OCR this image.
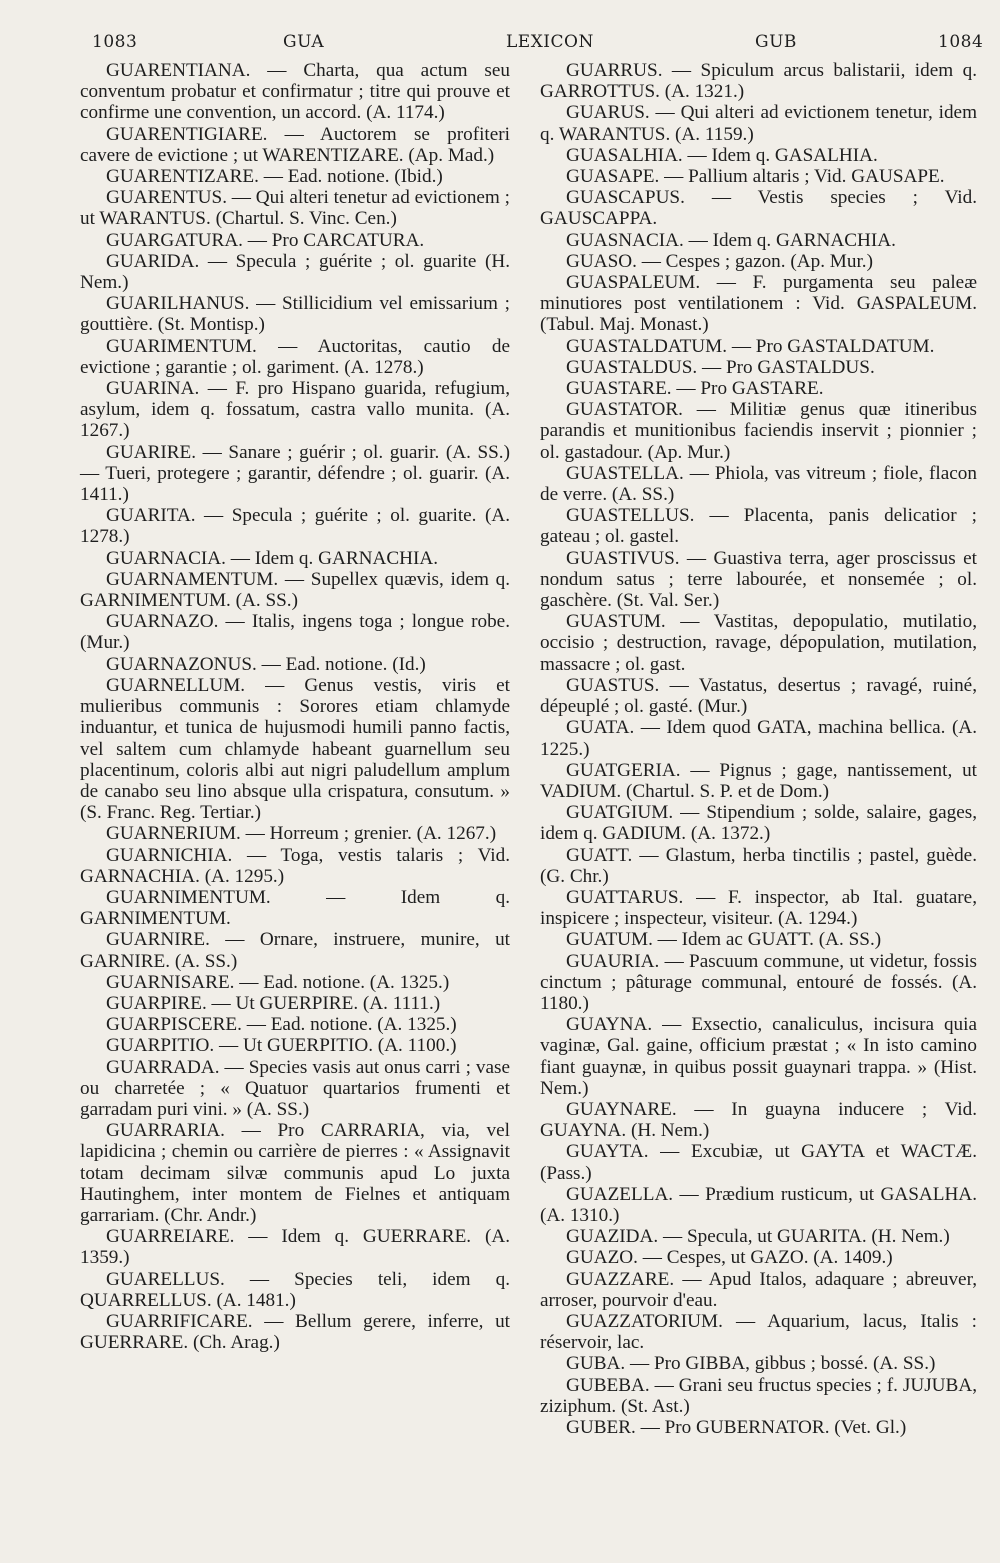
1083	GUA	LEXICON	GUB	1084

GUARENTIANA. — Charta, qua actum seu conventum probatur et confirmatur ; titre qui prouve et confirme une convention, un accord. (A. 1174.)

GUARENTIGIARE. — Auctorem se profiteri cavere de evictione ; ut WARENTIZARE. (Ap. Mad.)

GUARENTIZARE. — Ead. notione. (Ibid.)

GUARENTUS. — Qui alteri tenetur ad evictionem ; ut WARANTUS. (Chartul. S. Vinc. Cen.)

GUARGATURA. — Pro CARCATURA.

GUARIDA. — Specula ; guérite ; ol. guarite (H. Nem.)

GUARILHANUS. — Stillicidium vel emissarium ; gouttière. (St. Montisp.)

GUARIMENTUM. — Auctoritas, cautio de evictione ; garantie ; ol. gariment. (A. 1278.)

GUARINA. — F. pro Hispano guarida, refugium, asylum, idem q. fossatum, castra vallo munita. (A. 1267.)

GUARIRE. — Sanare ; guérir ; ol. guarir. (A. SS.) — Tueri, protegere ; garantir, défendre ; ol. guarir. (A. 1411.)

GUARITA. — Specula ; guérite ; ol. guarite. (A. 1278.)

GUARNACIA. — Idem q. GARNACHIA.

GUARNAMENTUM. — Supellex quævis, idem q. GARNIMENTUM. (A. SS.)

GUARNAZO. — Italis, ingens toga ; longue robe. (Mur.)

GUARNAZONUS. — Ead. notione. (Id.)

GUARNELLUM. — Genus vestis, viris et mulieribus communis : Sorores etiam chlamyde induantur, et tunica de hujusmodi humili panno factis, vel saltem cum chlamyde habeant guarnellum seu placentinum, coloris albi aut nigri paludellum amplum de canabo seu lino absque ulla crispatura, consutum. » (S. Franc. Reg. Tertiar.)

GUARNERIUM. — Horreum ; grenier. (A. 1267.)

GUARNICHIA. — Toga, vestis talaris ; Vid. GARNACHIA. (A. 1295.)

GUARNIMENTUM. — Idem q. GARNIMENTUM.

GUARNIRE. — Ornare, instruere, munire, ut GARNIRE. (A. SS.)

GUARNISARE. — Ead. notione. (A. 1325.)

GUARPIRE. — Ut GUERPIRE. (A. 1111.)

GUARPISCERE. — Ead. notione. (A. 1325.)

GUARPITIO. — Ut GUERPITIO. (A. 1100.)

GUARRADA. — Species vasis aut onus carri ; vase ou charretée ; « Quatuor quartarios frumenti et garradam puri vini. » (A. SS.)

GUARRARIA. — Pro CARRARIA, via, vel lapidicina ; chemin ou carrière de pierres : « Assignavit totam decimam silvæ communis apud Lo juxta Hautinghem, inter montem de Fielnes et antiquam garrariam. (Chr. Andr.)

GUARREIARE. — Idem q. GUERRARE. (A. 1359.)

GUARELLUS. — Species teli, idem q. QUARRELLUS. (A. 1481.)

GUARRIFICARE. — Bellum gerere, inferre, ut GUERRARE. (Ch. Arag.)

GUARRUS. — Spiculum arcus balistarii, idem q. GARROTTUS. (A. 1321.)

GUARUS. — Qui alteri ad evictionem tenetur, idem q. WARANTUS. (A. 1159.)

GUASALHIA. — Idem q. GASALHIA.

GUASAPE. — Pallium altaris ; Vid. GAUSAPE.

GUASCAPUS. — Vestis species ; Vid. GAUSCAPPA.

GUASNACIA. — Idem q. GARNACHIA.

GUASO. — Cespes ; gazon. (Ap. Mur.)

GUASPALEUM. — F. purgamenta seu paleæ minutiores post ventilationem : Vid. GASPALEUM. (Tabul. Maj. Monast.)

GUASTALDATUM. — Pro GASTALDATUM.

GUASTALDUS. — Pro GASTALDUS.

GUASTARE. — Pro GASTARE.

GUASTATOR. — Militiæ genus quæ itineribus parandis et munitionibus faciendis inservit ; pionnier ; ol. gastadour. (Ap. Mur.)

GUASTELLA. — Phiola, vas vitreum ; fiole, flacon de verre. (A. SS.)

GUASTELLUS. — Placenta, panis delicatior ; gateau ; ol. gastel.

GUASTIVUS. — Guastiva terra, ager proscissus et nondum satus ; terre labourée, et nonsemée ; ol. gaschère. (St. Val. Ser.)

GUASTUM. — Vastitas, depopulatio, mutilatio, occisio ; destruction, ravage, dépopulation, mutilation, massacre ; ol. gast.

GUASTUS. — Vastatus, desertus ; ravagé, ruiné, dépeuplé ; ol. gasté. (Mur.)

GUATA. — Idem quod GATA, machina bellica. (A. 1225.)

GUATGERIA. — Pignus ; gage, nantissement, ut VADIUM. (Chartul. S. P. et de Dom.)

GUATGIUM. — Stipendium ; solde, salaire, gages, idem q. GADIUM. (A. 1372.)

GUATT. — Glastum, herba tinctilis ; pastel, guède. (G. Chr.)

GUATTARUS. — F. inspector, ab Ital. guatare, inspicere ; inspecteur, visiteur. (A. 1294.)

GUATUM. — Idem ac GUATT. (A. SS.)

GUAURIA. — Pascuum commune, ut videtur, fossis cinctum ; pâturage communal, entouré de fossés. (A. 1180.)

GUAYNA. — Exsectio, canaliculus, incisura quia vaginæ, Gal. gaine, officium præstat ; « In isto camino fiant guaynæ, in quibus possit guaynari trappa. » (Hist. Nem.)

GUAYNARE. — In guayna inducere ; Vid. GUAYNA. (H. Nem.)

GUAYTA. — Excubiæ, ut GAYTA et WACTÆ. (Pass.)

GUAZELLA. — Prædium rusticum, ut GASALHA. (A. 1310.)

GUAZIDA. — Specula, ut GUARITA. (H. Nem.)

GUAZO. — Cespes, ut GAZO. (A. 1409.)

GUAZZARE. — Apud Italos, adaquare ; abreuver, arroser, pourvoir d'eau.

GUAZZATORIUM. — Aquarium, lacus, Italis : réservoir, lac.

GUBA. — Pro GIBBA, gibbus ; bossé. (A. SS.)

GUBEBA. — Grani seu fructus species ; f. JUJUBA, ziziphum. (St. Ast.)

GUBER. — Pro GUBERNATOR. (Vet. Gl.)
